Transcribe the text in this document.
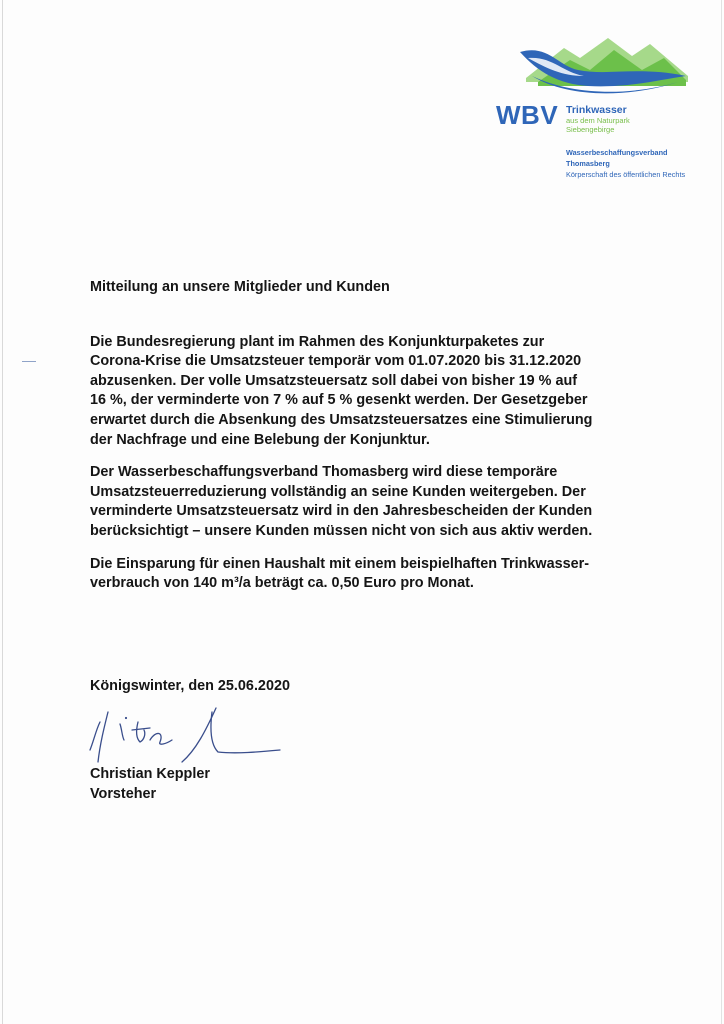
WBV Trinkwasser
aus dem Naturpark
Siebengebirge
Wasserbeschaffungsverband
Thomasberg
Körperschaft des öffentlichen Rechts
Mitteilung an unsere Mitglieder und Kunden
Die Bundesregierung plant im Rahmen des Konjunkturpaketes zur
Corona-Krise die Umsatzsteuer temporär vom 01.07.2020 bis 31.12.2020
abzusenken. Der volle Umsatzsteuersatz soll dabei von bisher 19 % auf
16 %, der verminderte von 7 % auf 5 % gesenkt werden. Der Gesetzgeber
erwartet durch die Absenkung des Umsatzsteuersatzes eine Stimulierung
der Nachfrage und eine Belebung der Konjunktur.
Der Wasserbeschaffungsverband Thomasberg wird diese temporäre
Umsatzsteuerreduzierung vollständig an seine Kunden weitergeben. Der
verminderte Umsatzsteuersatz wird in den Jahresbescheiden der Kunden
berücksichtigt – unsere Kunden müssen nicht von sich aus aktiv werden.
Die Einsparung für einen Haushalt mit einem beispielhaften Trinkwasser-
verbrauch von 140 m³/a beträgt ca. 0,50 Euro pro Monat.
Königswinter, den 25.06.2020
Christian Keppler
Vorsteher
